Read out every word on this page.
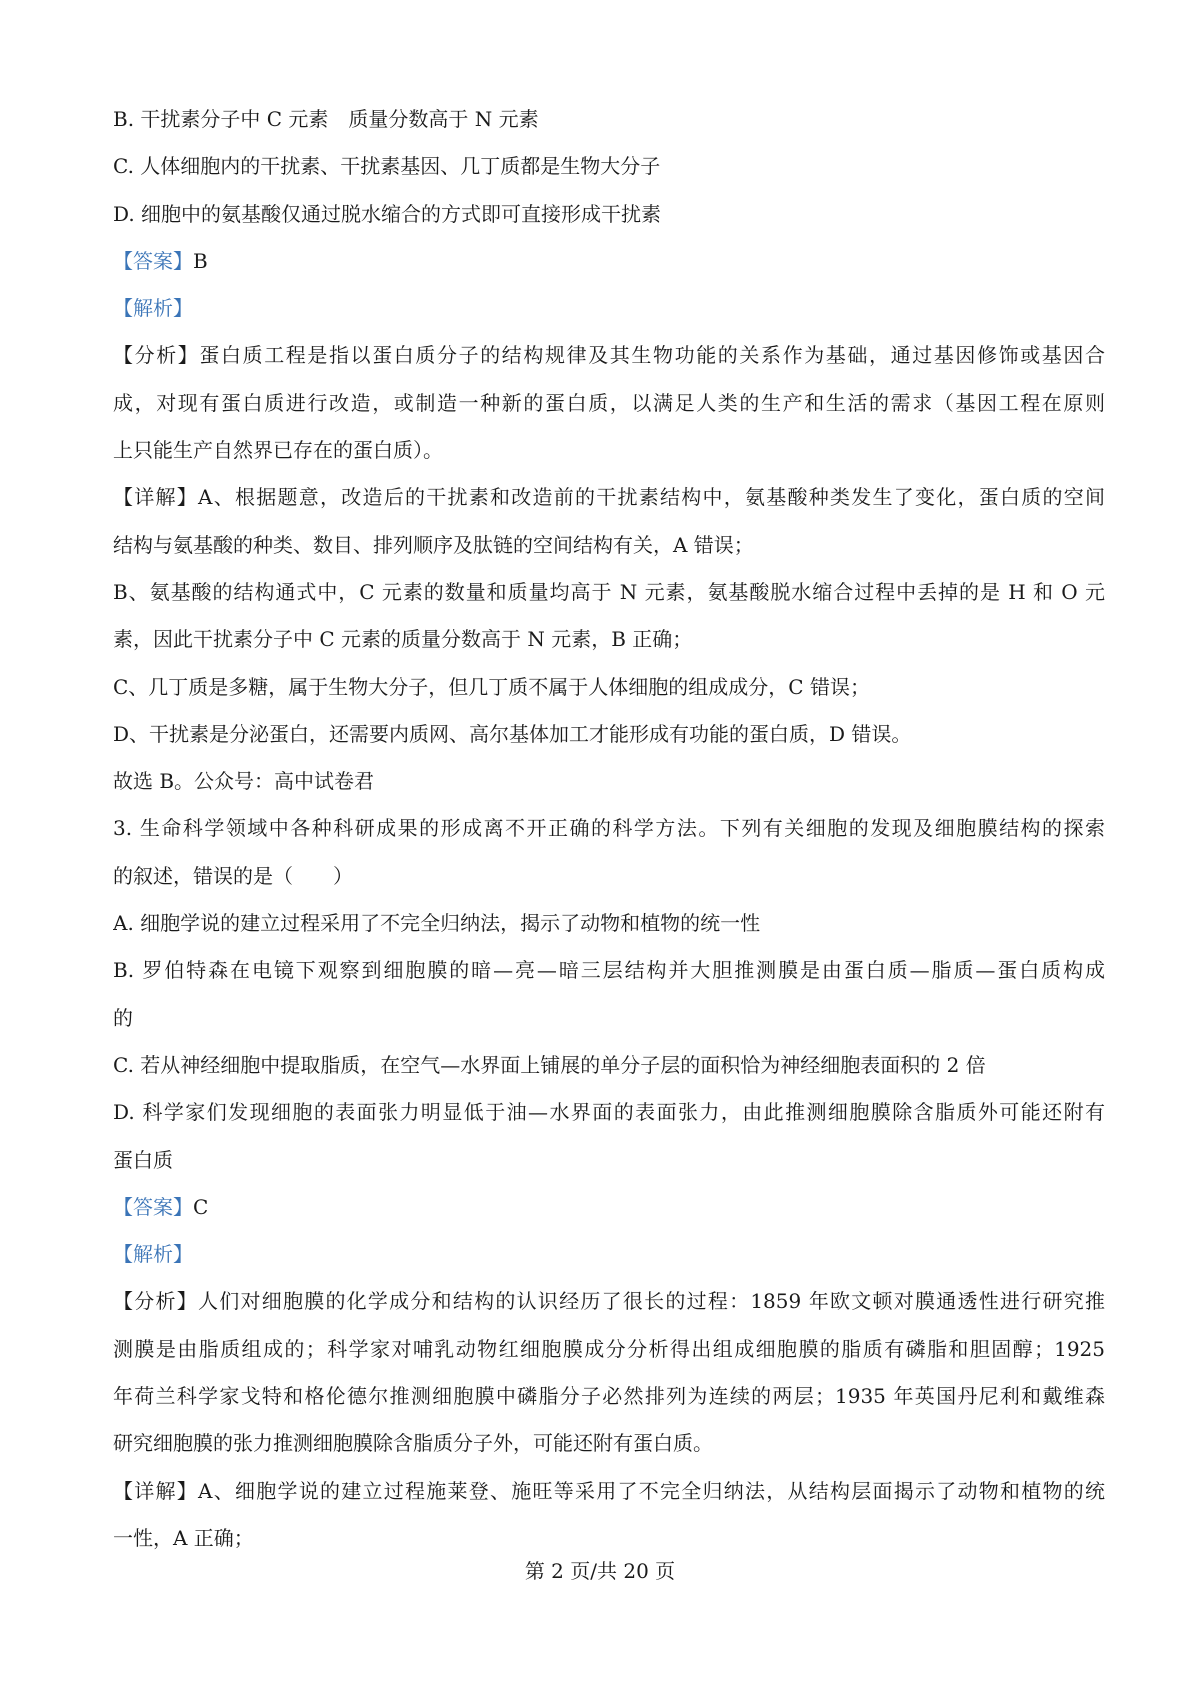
B. 干扰素分子中 C 元素　质量分数高于 N 元素
C. 人体细胞内的干扰素、干扰素基因、几丁质都是生物大分子
D. 细胞中的氨基酸仅通过脱水缩合的方式即可直接形成干扰素
【答案】B
【解析】
【分析】蛋白质工程是指以蛋白质分子的结构规律及其生物功能的关系作为基础，通过基因修饰或基因合
成，对现有蛋白质进行改造，或制造一种新的蛋白质，以满足人类的生产和生活的需求（基因工程在原则
上只能生产自然界已存在的蛋白质）。
【详解】A、根据题意，改造后的干扰素和改造前的干扰素结构中，氨基酸种类发生了变化，蛋白质的空间
结构与氨基酸的种类、数目、排列顺序及肽链的空间结构有关，A 错误；
B、氨基酸的结构通式中，C 元素的数量和质量均高于 N 元素，氨基酸脱水缩合过程中丢掉的是 H 和 O 元
素，因此干扰素分子中 C 元素的质量分数高于 N 元素，B 正确；
C、几丁质是多糖，属于生物大分子，但几丁质不属于人体细胞的组成成分，C 错误；
D、干扰素是分泌蛋白，还需要内质网、高尔基体加工才能形成有功能的蛋白质，D 错误。
故选 B。公众号：高中试卷君
3. 生命科学领域中各种科研成果的形成离不开正确的科学方法。下列有关细胞的发现及细胞膜结构的探索
的叙述，错误的是（　　）
A. 细胞学说的建立过程采用了不完全归纳法，揭示了动物和植物的统一性
B. 罗伯特森在电镜下观察到细胞膜的暗—亮—暗三层结构并大胆推测膜是由蛋白质—脂质—蛋白质构成
的
C. 若从神经细胞中提取脂质，在空气—水界面上铺展的单分子层的面积恰为神经细胞表面积的 2 倍
D. 科学家们发现细胞的表面张力明显低于油—水界面的表面张力，由此推测细胞膜除含脂质外可能还附有
蛋白质
【答案】C
【解析】
【分析】人们对细胞膜的化学成分和结构的认识经历了很长的过程：1859 年欧文顿对膜通透性进行研究推
测膜是由脂质组成的；科学家对哺乳动物红细胞膜成分分析得出组成细胞膜的脂质有磷脂和胆固醇；1925
年荷兰科学家戈特和格伦德尔推测细胞膜中磷脂分子必然排列为连续的两层；1935 年英国丹尼利和戴维森
研究细胞膜的张力推测细胞膜除含脂质分子外，可能还附有蛋白质。
【详解】A、细胞学说的建立过程施莱登、施旺等采用了不完全归纳法，从结构层面揭示了动物和植物的统
一性，A 正确；
第 2 页/共 20 页
